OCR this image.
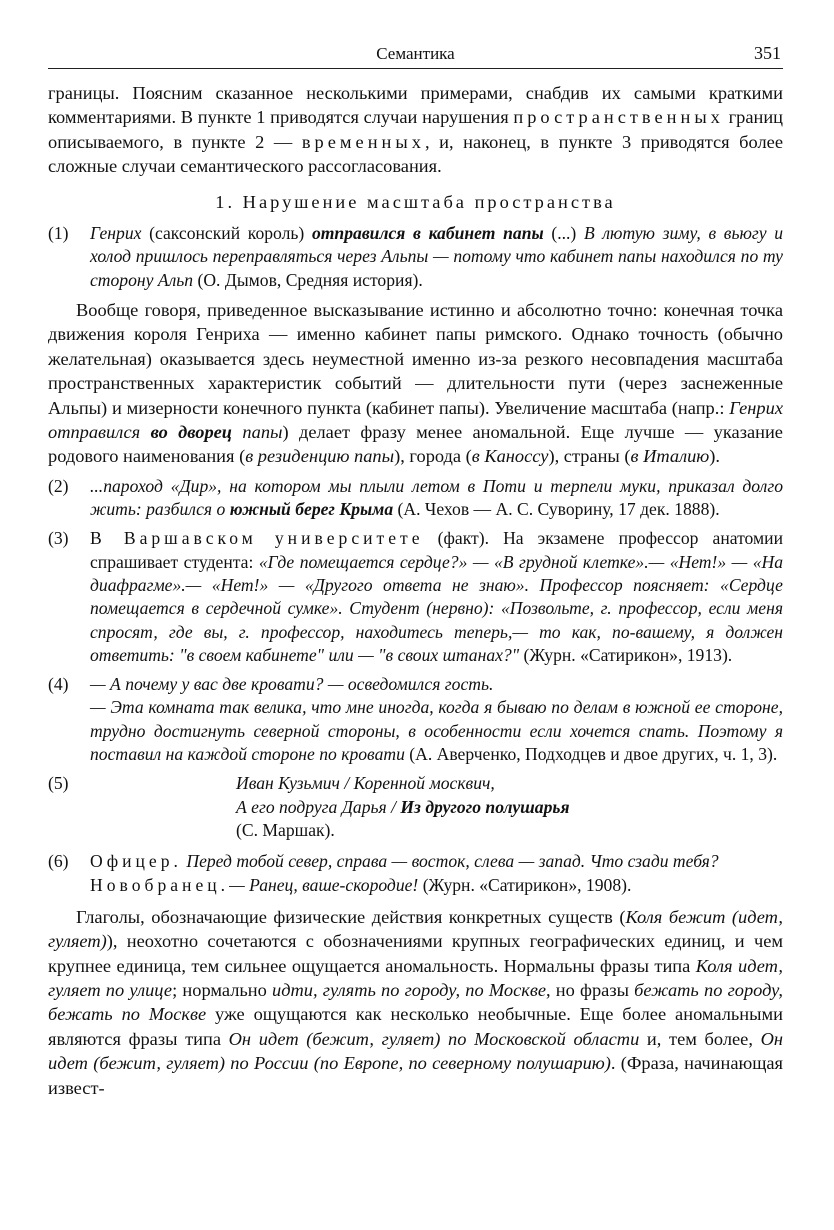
Семантика	351

границы. Поясним сказанное несколькими примерами, снабдив их самыми краткими комментариями. В пункте 1 приводятся случаи нарушения пространственных границ описываемого, в пункте 2 — временных, и, наконец, в пункте 3 приводятся более сложные случаи семантического рассогласования.

1. Нарушение масштаба пространства
(1) Генрих (саксонский король) отправился в кабинет папы (...) В лютую зиму, в вьюгу и холод пришлось переправляться через Альпы — потому что кабинет папы находился по ту сторону Альп (О. Дымов, Средняя история).

Вообще говоря, приведенное высказывание истинно и абсолютно точно: конечная точка движения короля Генриха — именно кабинет папы римского. Однако точность (обычно желательная) оказывается здесь неуместной именно из-за резкого несовпадения масштаба пространственных характеристик событий — длительности пути (через заснеженные Альпы) и мизерности конечного пункта (кабинет папы). Увеличение масштаба (напр.: Генрих отправился во дворец папы) делает фразу менее аномальной. Еще лучше — указание родового наименования (в резиденцию папы), города (в Каноссу), страны (в Италию).

(2) ...пароход «Дир», на котором мы плыли летом в Поти и терпели муки, приказал долго жить: разбился о южный берег Крыма (А. Чехов — А. С. Суворину, 17 дек. 1888).
(3) В Варшавском университете (факт). На экзамене профессор анатомии спрашивает студента: «Где помещается сердце?» — «В грудной клетке».— «Нет!» — «На диафрагме».— «Нет!» — «Другого ответа не знаю». Профессор поясняет: «Сердце помещается в сердечной сумке». Студент (нервно): «Позвольте, г. профессор, если меня спросят, где вы, г. профессор, находитесь теперь,— то как, по-вашему, я должен ответить: "в своем кабинете" или — "в своих штанах?" (Журн. «Сатирикон», 1913).
(4) — А почему у вас две кровати? — осведомился гость.
— Эта комната так велика, что мне иногда, когда я бываю по делам в южной ее стороне, трудно достигнуть северной стороны, в особенности если хочется спать. Поэтому я поставил на каждой стороне по кровати (А. Аверченко, Подходцев и двое других, ч. 1, 3).
(5)	Иван Кузьмич / Коренной москвич,
А его подруга Дарья / Из другого полушарья
(С. Маршак).
(6) Офицер. Перед тобой север, справа — восток, слева — запад. Что сзади тебя?
Новобранец.— Ранец, ваше-скородие! (Журн. «Сатирикон», 1908).

Глаголы, обозначающие физические действия конкретных существ (Коля бежит (идет, гуляет)), неохотно сочетаются с обозначениями крупных географических единиц, и чем крупнее единица, тем сильнее ощущается аномальность. Нормальны фразы типа Коля идет, гуляет по улице; нормально идти, гулять по городу, по Москве, но фразы бежать по городу, бежать по Москве уже ощущаются как несколько необычные. Еще более аномальными являются фразы типа Он идет (бежит, гуляет) по Московской области и, тем более, Он идет (бежит, гуляет) по России (по Европе, по северному полушарию). (Фраза, начинающая извест-
